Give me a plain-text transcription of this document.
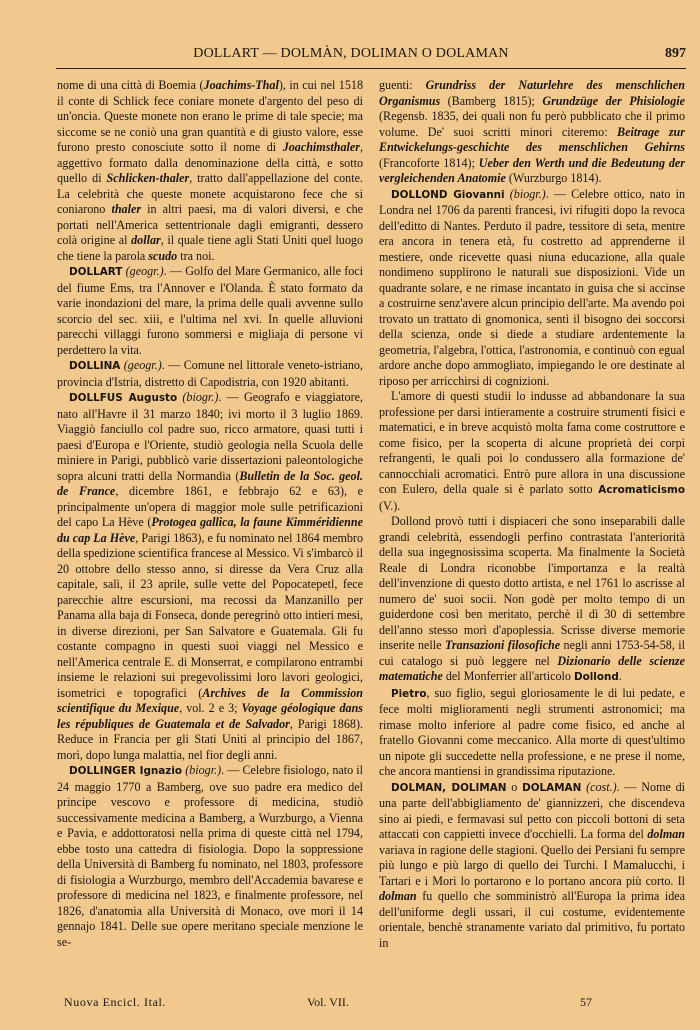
DOLLART — DOLMÀN, DOLIMAN O DOLAMAN	897

nome di una città di Boemia (Joachims-Thal), in cui nel 1518 il conte di Schlick fece coniare monete d'argento del peso di un'oncia. Queste monete non erano le prime di tale specie; ma siccome se ne coniò una gran quantità e di giusto valore, esse furono presto conosciute sotto il nome di Joachimsthaler, aggettivo formato dalla denominazione della città, e sotto quello di Schlicken-thaler, tratto dall'appellazione del conte. La celebrità che queste monete acquistarono fece che si coniarono thaler in altri paesi, ma di valori diversi, e che portati nell'America settentrionale dagli emigranti, dessero colà origine al dollar, il quale tiene agli Stati Uniti quel luogo che tiene la parola scudo tra noi.

DOLLART (geogr.). — Golfo del Mare Germanico, alle foci del fiume Ems, tra l'Annover e l'Olanda. È stato formato da varie inondazioni del mare, la prima delle quali avvenne sullo scorcio del sec. xiii, e l'ultima nel xvi. In quelle alluvioni parecchi villaggi furono sommersi e migliaja di persone vi perdettero la vita.

DOLLINA (geogr.). — Comune nel littorale veneto-istriano, provincia d'Istria, distretto di Capodistria, con 1920 abitanti.

DOLLFUS Augusto (biogr.). — Geografo e viaggiatore, nato all'Havre il 31 marzo 1840; ivi morto il 3 luglio 1869. Viaggiò fanciullo col padre suo, ricco armatore, quasi tutti i paesi d'Europa e l'Oriente, studiò geologia nella Scuola delle miniere in Parigi, pubblicò varie dissertazioni paleontologiche sopra alcuni tratti della Normandia (Bulletin de la Soc. geol. de France, dicembre 1861, e febbrajo 62 e 63), e principalmente un'opera di maggior mole sulle petrificazioni del capo La Hève (Protogea gallica, la faune Kimméridienne du cap La Hève, Parigi 1863), e fu nominato nel 1864 membro della spedizione scientifica francese al Messico. Vi s'imbarcò il 20 ottobre dello stesso anno, si diresse da Vera Cruz alla capitale, salì, il 23 aprile, sulle vette del Popocatepetl, fece parecchie altre escursioni, ma recossi da Manzanillo per Panama alla baja di Fonseca, donde peregrinò otto intieri mesi, in diverse direzioni, per San Salvatore e Guatemala. Gli fu costante compagno in questi suoi viaggi nel Messico e nell'America centrale E. di Monserrat, e compilarono entrambi insieme le relazioni sui pregevolissimi loro lavori geologici, isometrici e topografici (Archives de la Commission scientifique du Mexique, vol. 2 e 3; Voyage géologique dans les républiques de Guatemala et de Salvador, Parigi 1868). Reduce in Francia per gli Stati Uniti al principio del 1867, morì, dopo lunga malattia, nel fior degli anni.

DOLLINGER Ignazio (biogr.). — Celebre fisiologo, nato il 24 maggio 1770 a Bamberg, ove suo padre era medico del principe vescovo e professore di medicina, studiò successivamente medicina a Bamberg, a Wurzburgo, a Vienna e Pavia, e addottoratosi nella prima di queste città nel 1794, ebbe tosto una cattedra di fisiologia. Dopo la soppressione della Università di Bamberg fu nominato, nel 1803, professore di fisiologia a Wurzburgo, membro dell'Accademia bavarese e professore di medicina nel 1823, e finalmente professore, nel 1826, d'anatomia alla Università di Monaco, ove morì il 14 gennajo 1841. Delle sue opere meritano speciale menzione le se-

guenti: Grundriss der Naturlehre des menschlichen Organismus (Bamberg 1815); Grundzüge der Phisiologie (Regensb. 1835, dei quali non fu però pubblicato che il primo volume. De' suoi scritti minori citeremo: Beitrage zur Entwickelungs-geschichte des menschlichen Gehirns (Francoforte 1814); Ueber den Werth und die Bedeutung der vergleichenden Anatomie (Wurzburgo 1814).

DOLLOND Giovanni (biogr.). — Celebre ottico, nato in Londra nel 1706 da parenti francesi, ivi rifugiti dopo la revoca dell'editto di Nantes. Perduto il padre, tessitore di seta, mentre era ancora in tenera età, fu costretto ad apprenderne il mestiere, onde ricevette quasi niuna educazione, alla quale nondimeno supplirono le naturali sue disposizioni. Vide un quadrante solare, e ne rimase incantato in guisa che si accinse a costruirne senz'avere alcun principio dell'arte. Ma avendo poi trovato un trattato di gnomonica, sentì il bisogno dei soccorsi della scienza, onde si diede a studiare ardentemente la geometria, l'algebra, l'ottica, l'astronomia, e continuò con egual ardore anche dopo ammogliato, impiegando le ore destinate al riposo per arricchirsi di cognizioni.

L'amore di questi studii lo indusse ad abbandonare la sua professione per darsi intieramente a costruire strumenti fisici e matematici, e in breve acquistò molta fama come costruttore e come fisico, per la scoperta di alcune proprietà dei corpi refrangenti, le quali poi lo condussero alla formazione de' cannocchiali acromatici. Entrò pure allora in una discussione con Eulero, della quale si è parlato sotto Acromaticismo (V.).

Dollond provò tutti i dispiaceri che sono inseparabili dalle grandi celebrità, essendogli perfino contrastata l'anteriorità della sua ingegnosissima scoperta. Ma finalmente la Società Reale di Londra riconobbe l'importanza e la realtà dell'invenzione di questo dotto artista, e nel 1761 lo ascrisse al numero de' suoi socii. Non godè per molto tempo di un guiderdone così ben meritato, perchè il dì 30 di settembre dell'anno stesso morì d'apoplessia. Scrisse diverse memorie inserite nelle Transazioni filosofiche negli anni 1753-54-58, il cui catalogo si può leggere nel Dizionario delle scienze matematiche del Monferrier all'articolo Dollond.

Pietro, suo figlio, seguì gloriosamente le di lui pedate, e fece molti miglioramenti negli strumenti astronomici; ma rimase molto inferiore al padre come fisico, ed anche al fratello Giovanni come meccanico. Alla morte di quest'ultimo un nipote gli succedette nella professione, e ne prese il nome, che ancora mantiensi in grandissima riputazione.

DOLMAN, DOLIMAN o DOLAMAN (cost.). — Nome di una parte dell'abbigliamento de' giannizzeri, che discendeva sino ai piedi, e fermavasi sul petto con piccoli bottoni di seta attaccati con cappietti invece d'occhielli. La forma del dolman variava in ragione delle stagioni. Quello dei Persiani fu sempre più lungo e più largo di quello dei Turchi. I Mamalucchi, i Tartari e i Mori lo portarono e lo portano ancora più corto. Il dolman fu quello che somministrò all'Europa la prima idea dell'uniforme degli ussari, il cui costume, evidentemente orientale, benchè stranamente variato dal primitivo, fu portato in

Nuova Encicl. Ital.	Vol. VII.	57
